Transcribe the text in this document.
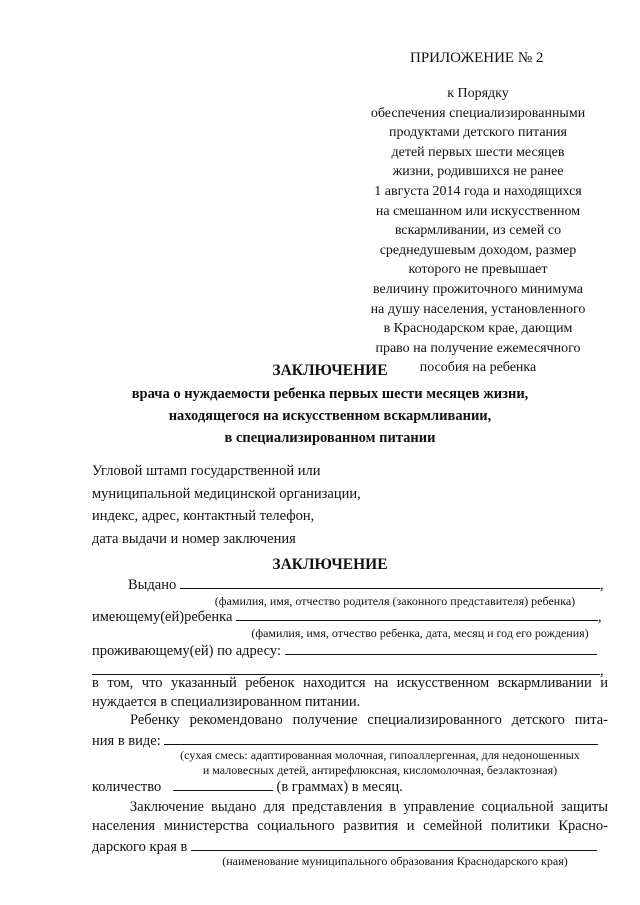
ПРИЛОЖЕНИЕ № 2
к Порядку
обеспечения специализированными
продуктами детского питания
детей первых шести месяцев
жизни, родившихся не ранее
1 августа 2014 года и находящихся
на смешанном или искусственном
вскармливании, из семей со
среднедушевым доходом, размер
которого не превышает
величину прожиточного минимума
на душу населения, установленного
в Краснодарском крае, дающим
право на получение ежемесячного
пособия на ребенка
ЗАКЛЮЧЕНИЕ
врача о нуждаемости ребенка первых шести месяцев жизни,
находящегося на искусственном вскармливании,
в специализированном питании
Угловой штамп государственной или
муниципальной медицинской организации,
индекс, адрес, контактный телефон,
дата выдачи и номер заключения
ЗАКЛЮЧЕНИЕ
Выдано	,
(фамилия, имя, отчество родителя (законного представителя) ребенка)
имеющему(ей)ребенка	,
(фамилия, имя, отчество ребенка, дата, месяц и год его рождения)
проживающему(ей) по адресу:
,
в том, что указанный ребенок находится на искусственном вскармливании и
нуждается в специализированном питании.
Ребенку рекомендовано получение специализированного детского пита-
ния в виде:
(сухая смесь: адаптированная молочная, гипоаллергенная, для недоношенных
и маловесных детей, антирефлюксная, кисломолочная, безлактозная)
количество	(в граммах) в месяц.
Заключение выдано для представления в управление социальной защиты
населения министерства социального развития и семейной политики Красно-
дарского края в
(наименование муниципального образования Краснодарского края)
